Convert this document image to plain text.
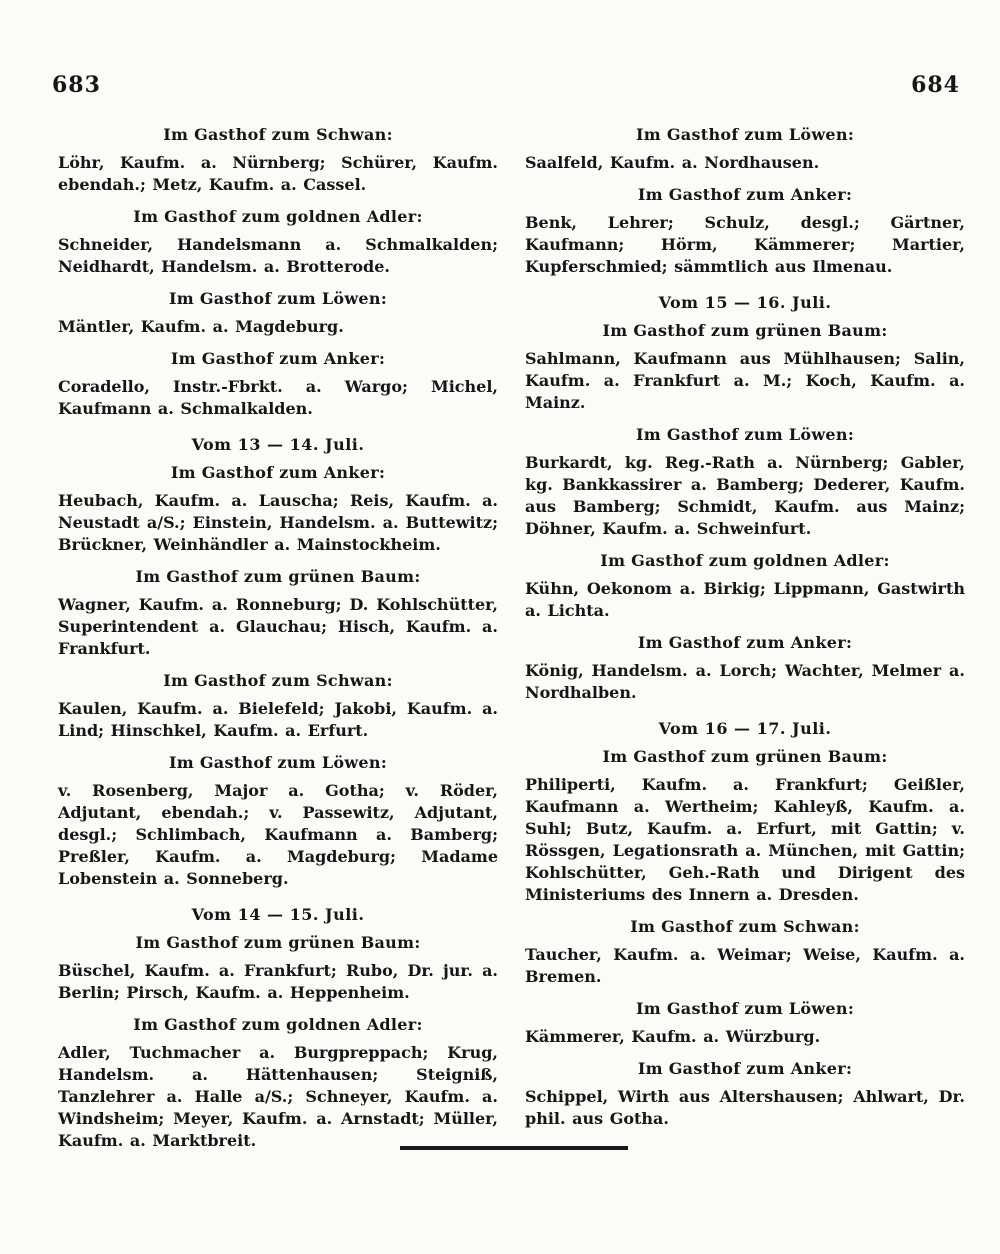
683	684
Im Gasthof zum Schwan:
Löhr, Kaufm. a. Nürnberg; Schürer, Kaufm. ebendah.; Metz, Kaufm. a. Cassel.
Im Gasthof zum goldnen Adler:
Schneider, Handelsmann a. Schmalkalden; Neidhardt, Handelsm. a. Brotterode.
Im Gasthof zum Löwen:
Mäntler, Kaufm. a. Magdeburg.
Im Gasthof zum Anker:
Coradello, Instr.-Fbrkt. a. Wargo; Michel, Kaufmann a. Schmalkalden.
Vom 13 — 14. Juli.
Im Gasthof zum Anker:
Heubach, Kaufm. a. Lauscha; Reis, Kaufm. a. Neustadt a/S.; Einstein, Handelsm. a. Buttewitz; Brückner, Weinhändler a. Mainstockheim.
Im Gasthof zum grünen Baum:
Wagner, Kaufm. a. Ronneburg; D. Kohlschütter, Superintendent a. Glauchau; Hisch, Kaufm. a. Frankfurt.
Im Gasthof zum Schwan:
Kaulen, Kaufm. a. Bielefeld; Jakobi, Kaufm. a. Lind; Hinschkel, Kaufm. a. Erfurt.
Im Gasthof zum Löwen:
v. Rosenberg, Major a. Gotha; v. Röder, Adjutant, ebendah.; v. Passewitz, Adjutant, desgl.; Schlimbach, Kaufmann a. Bamberg; Preßler, Kaufm. a. Magdeburg; Madame Lobenstein a. Sonneberg.
Vom 14 — 15. Juli.
Im Gasthof zum grünen Baum:
Büschel, Kaufm. a. Frankfurt; Rubo, Dr. jur. a. Berlin; Pirsch, Kaufm. a. Heppenheim.
Im Gasthof zum goldnen Adler:
Adler, Tuchmacher a. Burgpreppach; Krug, Handelsm. a. Hättenhausen; Steigniß, Tanzlehrer a. Halle a/S.; Schneyer, Kaufm. a. Windsheim; Meyer, Kaufm. a. Arnstadt; Müller, Kaufm. a. Marktbreit.
Im Gasthof zum Löwen:
Saalfeld, Kaufm. a. Nordhausen.
Im Gasthof zum Anker:
Benk, Lehrer; Schulz, desgl.; Gärtner, Kaufmann; Hörm, Kämmerer; Martier, Kupferschmied; sämmtlich aus Ilmenau.
Vom 15 — 16. Juli.
Im Gasthof zum grünen Baum:
Sahlmann, Kaufmann aus Mühlhausen; Salin, Kaufm. a. Frankfurt a. M.; Koch, Kaufm. a. Mainz.
Im Gasthof zum Löwen:
Burkardt, kg. Reg.-Rath a. Nürnberg; Gabler, kg. Bankkassirer a. Bamberg; Dederer, Kaufm. aus Bamberg; Schmidt, Kaufm. aus Mainz; Döhner, Kaufm. a. Schweinfurt.
Im Gasthof zum goldnen Adler:
Kühn, Oekonom a. Birkig; Lippmann, Gastwirth a. Lichta.
Im Gasthof zum Anker:
König, Handelsm. a. Lorch; Wachter, Melmer a. Nordhalben.
Vom 16 — 17. Juli.
Im Gasthof zum grünen Baum:
Philiperti, Kaufm. a. Frankfurt; Geißler, Kaufmann a. Wertheim; Kahleyß, Kaufm. a. Suhl; Butz, Kaufm. a. Erfurt, mit Gattin; v. Rössgen, Legationsrath a. München, mit Gattin; Kohlschütter, Geh.-Rath und Dirigent des Ministeriums des Innern a. Dresden.
Im Gasthof zum Schwan:
Taucher, Kaufm. a. Weimar; Weise, Kaufm. a. Bremen.
Im Gasthof zum Löwen:
Kämmerer, Kaufm. a. Würzburg.
Im Gasthof zum Anker:
Schippel, Wirth aus Altershausen; Ahlwart, Dr. phil. aus Gotha.
